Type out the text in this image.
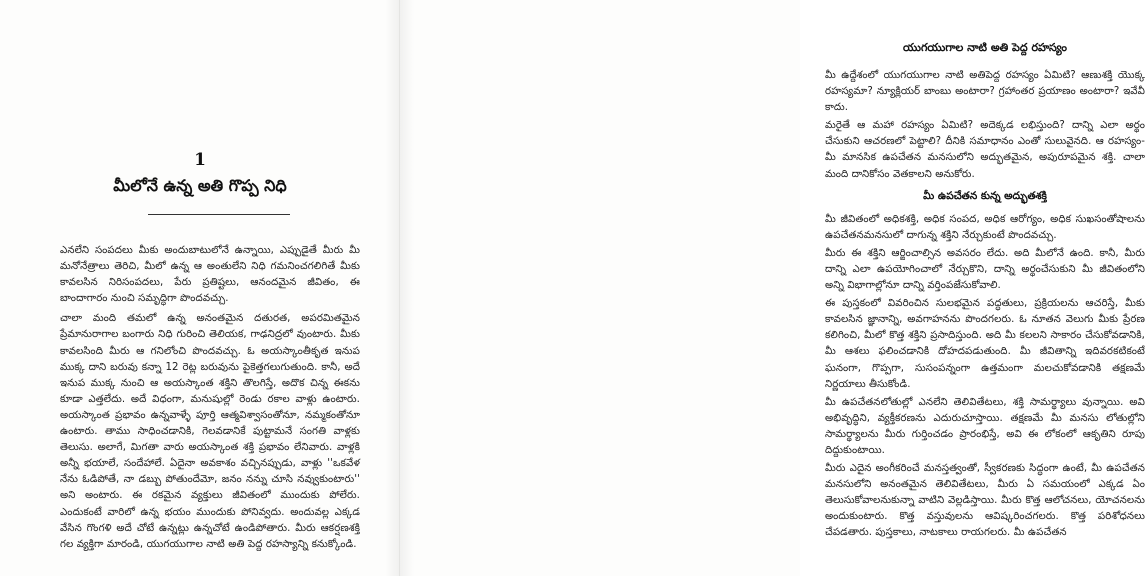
1
మీలోనే ఉన్న అతి గొప్ప నిధి

ఎనలేని సంపదలు మీకు అందుబాటులోనే ఉన్నాయి, ఎప్పుడైతే మీరు మీ మనోనేత్రాలు తెరిచి, మీలో ఉన్న ఆ అంతులేని నిధి గమనించగలిగితే మీకు కావలసిన నిరిసంపదలు, పేరు ప్రతిష్టలు, ఆనందమైన జీవితం, ఈ బాందాగారం నుంచి సమృద్ధిగా పొందవచ్చు.

చాలా మంది తమలో ఉన్న అనంతమైన దతురత, అపరమితమైన ప్రేమానురాగాల బంగారు నిధి గురించి తెలియక, గాఢనిద్రలో వుంటారు. మీకు కావలసింది మీరు ఆ గనిలోంచి పొందవచ్చు. ఓ అయస్కాంతీకృత ఇనుప ముక్క దాని బరువు కన్నా 12 రెట్ల బరువును పైకెత్తగలుగుతుంది. కానీ, అదే ఇనుప ముక్క నుంచి ఆ అయస్కాంత శక్తిని తొలగిస్తే, అదొక చిన్న ఈకను కూడా ఎత్తలేదు. అదే విధంగా, మనుషుల్లో రెండు రకాల వాళ్లు ఉంటారు. అయస్కాంత ప్రభావం ఉన్నవాళ్ళే పూర్తి ఆత్మవిశ్వాసంతోనూ, నమ్మకంతోనూ ఉంటారు. తాము సాధించడానికి, గెలవడానికే పుట్టామనే సంగతి వాళ్లకు తెలుసు. అలాగే, మిగతా వారు అయస్కాంత శక్తి ప్రభావం లేనివారు. వాళ్లకి అన్నీ భయాలే, సందేహాలే. ఏదైనా అవకాశం వచ్చినప్పుడు, వాళ్లు ''ఒకవేళ నేను ఓడిపోతే, నా డబ్బు పోతుందేమో, జనం నన్ను చూసి నవ్వుకుంటారు'' అని అంటారు. ఈ రకమైన వ్యక్తులు జీవితంలో ముందుకు పోలేరు. ఎందుకంటే వారిలో ఉన్న భయం ముందుకు పోనివ్వదు. అందువల్ల ఎక్కడ వేసిన గొంగళి అదే చోటే ఉన్నట్లు ఉన్నచోటే ఉండిపోతారు. మీరు ఆకర్షణశక్తి గల వ్యక్తిగా మారండి, యుగయుగాల నాటి అతి పెద్ద రహస్యాన్ని కనుక్కోండి.

యుగయుగాల నాటి అతి పెద్ద రహస్యం

మీ ఉద్దేశంలో యుగయుగాల నాటి అతిపెద్ద రహస్యం ఏమిటి? ఆణుశక్తి యొక్క రహస్యమా? న్యూక్లియర్ బాంబు అంటారా? గ్రహాంతర ప్రయాణం అంటారా? ఇవేవీ కాదు.

మరైతే ఆ మహా రహస్యం ఏమిటి? అదెక్కడ లభిస్తుంది? దాన్ని ఎలా అర్థం చేసుకుని ఆచరణలో పెట్టాలి? దీనికి సమాధానం ఎంతో సులువైనది. ఆ రహస్యం-మీ మానసిక ఉపచేతన మనసులోని అద్భుతమైన, అపురూపమైన శక్తి. చాలా మంది దానికోసం వెతకాలని అనుకోరు.

మీ ఉపచేతన కున్న అద్భుతశక్తి

మీ జీవితంలో అధికశక్తి, అధిక సంపద, అధిక ఆరోగ్యం, అధిక సుఖసంతోషాలను ఉపచేతనమనసులో దాగున్న శక్తిని నేర్చుకుంటే పొందవచ్చు.

మీరు ఈ శక్తిని ఆర్జించాల్సిన అవసరం లేదు. అది మీలోనే ఉంది. కానీ, మీరు దాన్ని ఎలా ఉపయోగించాలో నేర్చుకొని, దాన్ని అర్థంచేసుకుని మీ జీవితంలోని అన్ని విభాగాల్లోనూ దాన్ని వర్తింపజేసుకోవాలి.

ఈ పుస్తకంలో వివరించిన సులభమైన పద్ధతులు, ప్రక్రియలను ఆచరిస్తే, మీకు కావలసిన జ్ఞానాన్ని, అవగాహనను పొందగలరు. ఓ నూతన వెలుగు మీకు ప్రేరణ కలిగించి, మీలో కొత్త శక్తిని ప్రసాదిస్తుంది. అది మీ కలలని సాకారం చేసుకోవడానికి, మీ ఆశలు ఫలించడానికి దోహదపడుతుంది. మీ జీవితాన్ని ఇదివరకటికంటే ఘనంగా, గొప్పగా, సుసంపన్నంగా ఉత్తమంగా మలచుకోవడానికి తక్షణమే నిర్ణయాలు తీసుకోండి.

మీ ఉపచేతనలోతుల్లో ఎనలేని తెలివితేటలు, శక్తి సామర్థ్యాలు వున్నాయి. అవి అభివృద్ధిని, వ్యక్తీకరణను ఎదురుచూస్తాయి. తక్షణమే మీ మనసు లోతుల్లోని సామర్థ్యాలను మీరు గుర్తించడం ప్రారంభిస్తే, అవి ఈ లోకంలో ఆకృతిని రూపు దిద్దుకుంటాయి.

మీరు ఎదైన అంగీకరించే మనస్తత్వంతో, స్వీకరణకు సిద్ధంగా ఉంటే, మీ ఉపచేతన మనసులోని అనంతమైన తెలివితేటలు, మీరు ఏ సమయంలో ఎక్కడ ఏం తెలుసుకోవాలనుకున్నా వాటిని వెల్లడిస్తాయి. మీరు కొత్త ఆలోచనలు, యోచనలను అందుకుంటారు. కొత్త వస్తువులను ఆవిష్కరించగలరు. కొత్త పరిశోధనలు చేపడతారు. పుస్తకాలు, నాటకాలు రాయగలరు. మీ ఉపచేతన
